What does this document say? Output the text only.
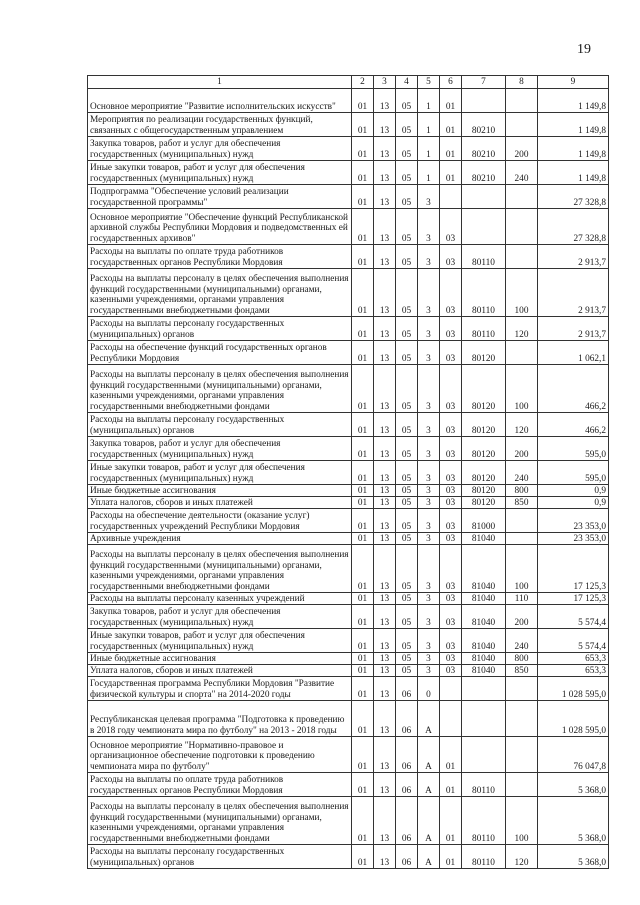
19
1	2	3	4	5	6	7	8	9
Основное мероприятие "Развитие исполнительских искусств"	01	13	05	1	01			1 149,8
Мероприятия по реализации государственных функций, связанных с общегосударственным управлением	01	13	05	1	01	80210		1 149,8
Закупка товаров, работ и услуг для обеспечения государственных (муниципальных) нужд	01	13	05	1	01	80210	200	1 149,8
Иные закупки товаров, работ и услуг для обеспечения государственных (муниципальных) нужд	01	13	05	1	01	80210	240	1 149,8
Подпрограмма "Обеспечение условий реализации государственной программы"	01	13	05	3				27 328,8
Основное мероприятие "Обеспечение функций Республиканской архивной службы Республики Мордовия и подведомственных ей государственных архивов"	01	13	05	3	03			27 328,8
Расходы на выплаты по оплате труда работников государственных органов Республики Мордовия	01	13	05	3	03	80110		2 913,7
Расходы на выплаты персоналу в целях обеспечения выполнения функций государственными (муниципальными) органами, казенными учреждениями, органами управления государственными внебюджетными фондами	01	13	05	3	03	80110	100	2 913,7
Расходы на выплаты персоналу государственных (муниципальных) органов	01	13	05	3	03	80110	120	2 913,7
Расходы на обеспечение функций государственных органов Республики Мордовия	01	13	05	3	03	80120		1 062,1
Расходы на выплаты персоналу в целях обеспечения выполнения функций государственными (муниципальными) органами, казенными учреждениями, органами управления государственными внебюджетными фондами	01	13	05	3	03	80120	100	466,2
Расходы на выплаты персоналу государственных (муниципальных) органов	01	13	05	3	03	80120	120	466,2
Закупка товаров, работ и услуг для обеспечения государственных (муниципальных) нужд	01	13	05	3	03	80120	200	595,0
Иные закупки товаров, работ и услуг для обеспечения государственных (муниципальных) нужд	01	13	05	3	03	80120	240	595,0
Иные бюджетные ассигнования	01	13	05	3	03	80120	800	0,9
Уплата налогов, сборов и иных платежей	01	13	05	3	03	80120	850	0,9
Расходы на обеспечение деятельности (оказание услуг) государственных учреждений Республики Мордовия	01	13	05	3	03	81000		23 353,0
Архивные учреждения	01	13	05	3	03	81040		23 353,0
Расходы на выплаты персоналу в целях обеспечения выполнения функций государственными (муниципальными) органами, казенными учреждениями, органами управления государственными внебюджетными фондами	01	13	05	3	03	81040	100	17 125,3
Расходы на выплаты персоналу казенных учреждений	01	13	05	3	03	81040	110	17 125,3
Закупка товаров, работ и услуг для обеспечения государственных (муниципальных) нужд	01	13	05	3	03	81040	200	5 574,4
Иные закупки товаров, работ и услуг для обеспечения государственных (муниципальных) нужд	01	13	05	3	03	81040	240	5 574,4
Иные бюджетные ассигнования	01	13	05	3	03	81040	800	653,3
Уплата налогов, сборов и иных платежей	01	13	05	3	03	81040	850	653,3
Государственная программа Республики Мордовия "Развитие физической культуры и спорта" на 2014-2020 годы	01	13	06	0				1 028 595,0
Республиканская целевая программа "Подготовка к проведению в 2018 году чемпионата мира по футболу" на 2013 - 2018 годы	01	13	06	А				1 028 595,0
Основное мероприятие "Нормативно-правовое и организационное обеспечение подготовки к проведению чемпионата мира по футболу"	01	13	06	А	01			76 047,8
Расходы на выплаты по оплате труда работников государственных органов Республики Мордовия	01	13	06	А	01	80110		5 368,0
Расходы на выплаты персоналу в целях обеспечения выполнения функций государственными (муниципальными) органами, казенными учреждениями, органами управления государственными внебюджетными фондами	01	13	06	А	01	80110	100	5 368,0
Расходы на выплаты персоналу государственных (муниципальных) органов	01	13	06	А	01	80110	120	5 368,0
